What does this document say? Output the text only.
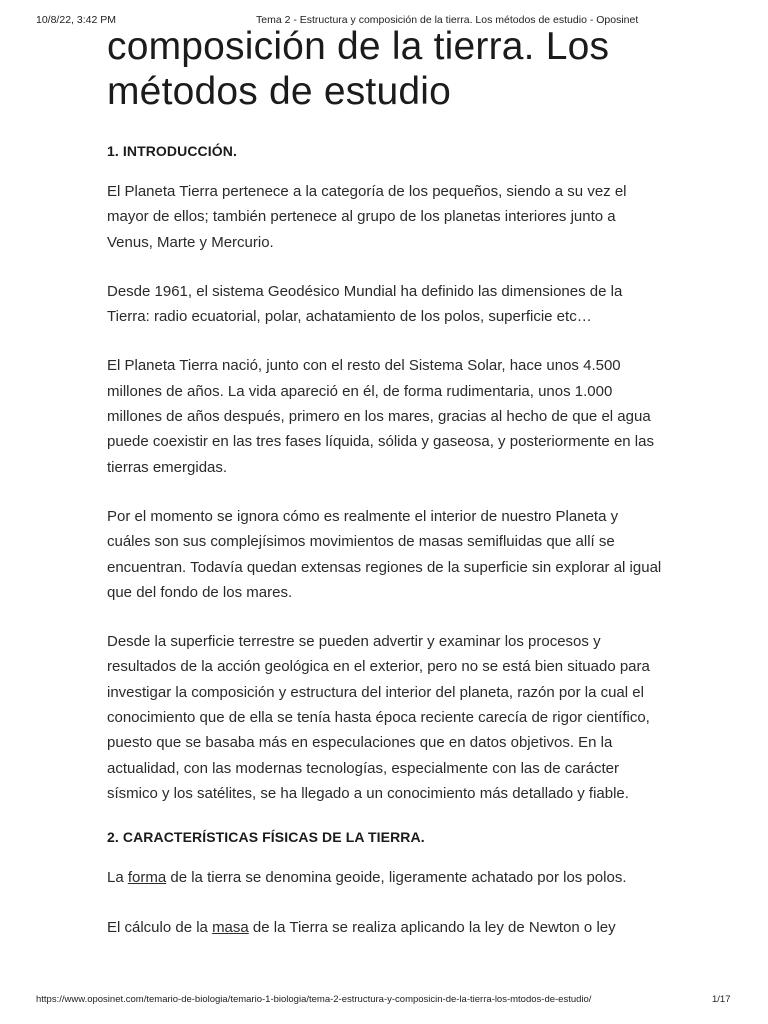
10/8/22, 3:42 PM	Tema 2 - Estructura y composición de la tierra. Los métodos de estudio - Oposinet
composición de la tierra. Los
métodos de estudio
1. INTRODUCCIÓN.

El Planeta Tierra pertenece a la categoría de los pequeños, siendo a su vez el mayor de ellos; también pertenece al grupo de los planetas interiores junto a Venus, Marte y Mercurio.

Desde 1961, el sistema Geodésico Mundial ha definido las dimensiones de la Tierra: radio ecuatorial, polar, achatamiento de los polos, superficie etc…

El Planeta Tierra nació, junto con el resto del Sistema Solar, hace unos 4.500 millones de años. La vida apareció en él, de forma rudimentaria, unos 1.000 millones de años después, primero en los mares, gracias al hecho de que el agua puede coexistir en las tres fases líquida, sólida y gaseosa, y posteriormente en las tierras emergidas.

Por el momento se ignora cómo es realmente el interior de nuestro Planeta y cuáles son sus complejísimos movimientos de masas semifluidas que allí se encuentran. Todavía quedan extensas regiones de la superficie sin explorar al igual que del fondo de los mares.

Desde la superficie terrestre se pueden advertir y examinar los procesos y resultados de la acción geológica en el exterior, pero no se está bien situado para investigar la composición y estructura del interior del planeta, razón por la cual el conocimiento que de ella se tenía hasta época reciente carecía de rigor científico, puesto que se basaba más en especulaciones que en datos objetivos. En la actualidad, con las modernas tecnologías, especialmente con las de carácter sísmico y los satélites, se ha llegado a un conocimiento más detallado y fiable.

2. CARACTERÍSTICAS FÍSICAS DE LA TIERRA.

La forma de la tierra se denomina geoide, ligeramente achatado por los polos.

El cálculo de la masa de la Tierra se realiza aplicando la ley de Newton o ley

https://www.oposinet.com/temario-de-biologia/temario-1-biologia/tema-2-estructura-y-composicin-de-la-tierra-los-mtodos-de-estudio/	1/17
